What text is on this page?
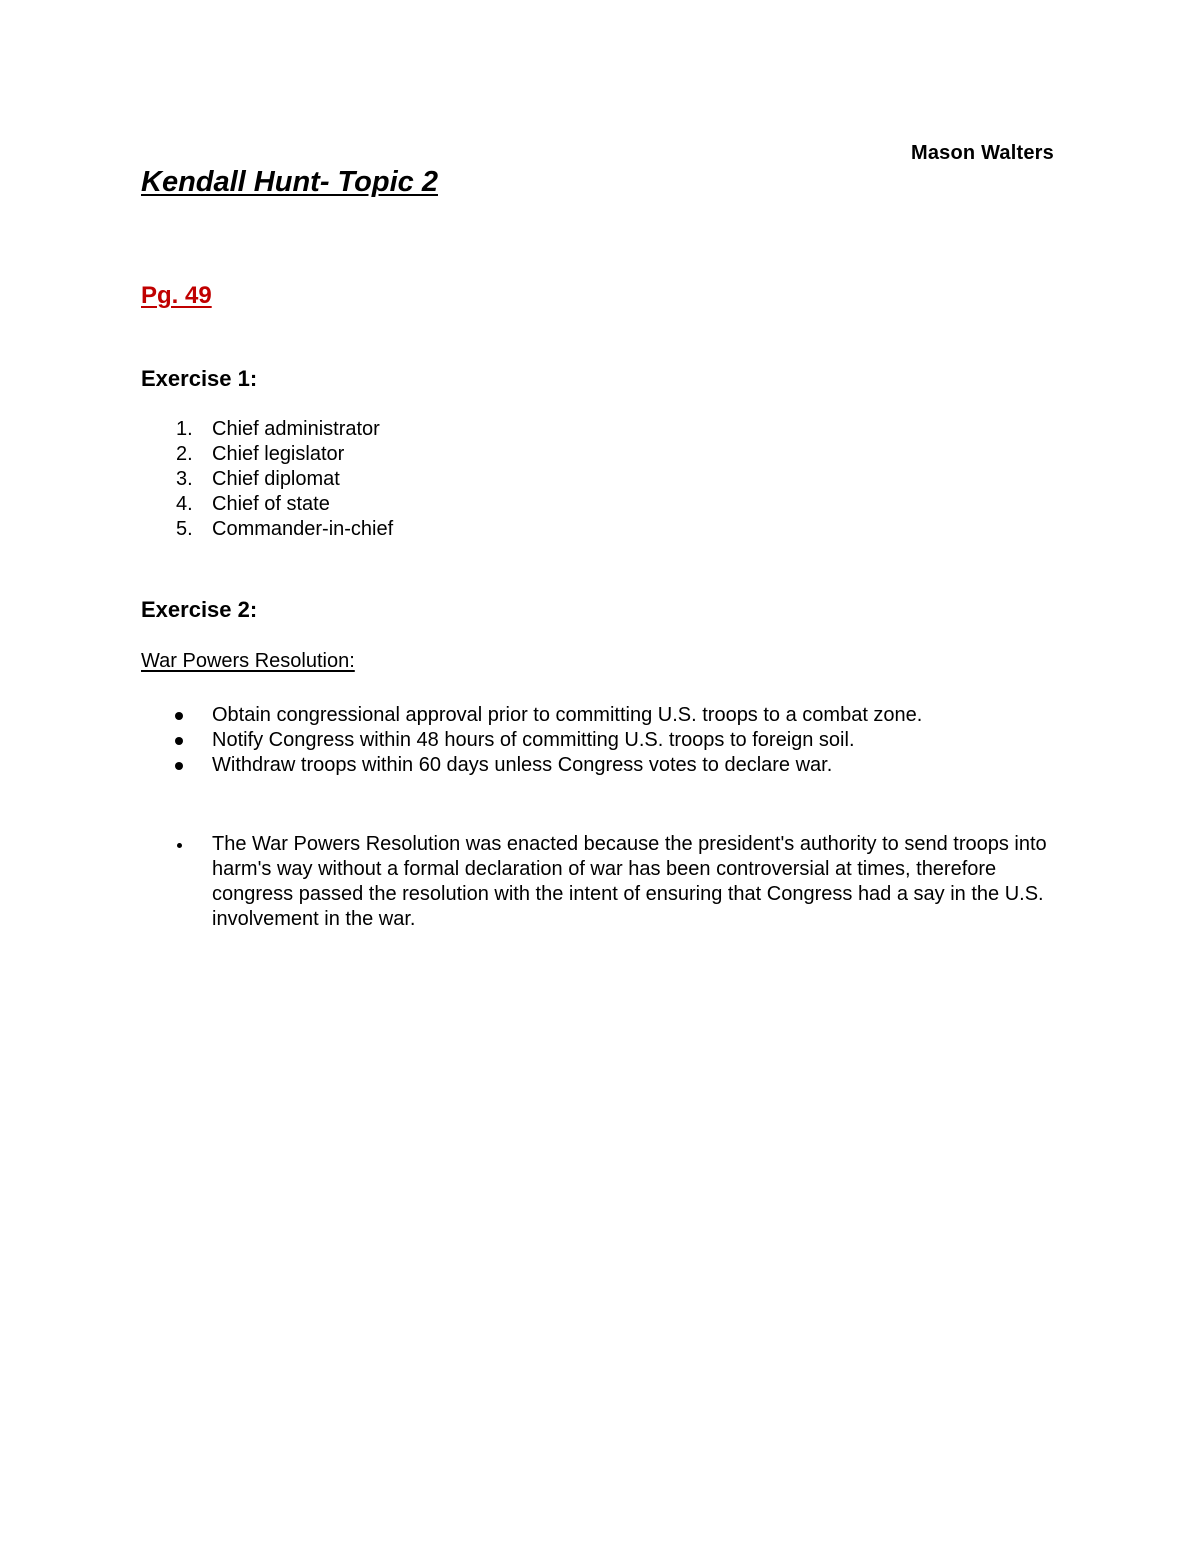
Mason Walters
Kendall Hunt- Topic 2
Pg. 49
Exercise 1:
1. Chief administrator
2. Chief legislator
3. Chief diplomat
4. Chief of state
5. Commander-in-chief
Exercise 2:
War Powers Resolution:
Obtain congressional approval prior to committing U.S. troops to a combat zone.
Notify Congress within 48 hours of committing U.S. troops to foreign soil.
Withdraw troops within 60 days unless Congress votes to declare war.
The War Powers Resolution was enacted because the president's authority to send troops into harm's way without a formal declaration of war has been controversial at times, therefore congress passed the resolution with the intent of ensuring that Congress had a say in the U.S. involvement in the war.
